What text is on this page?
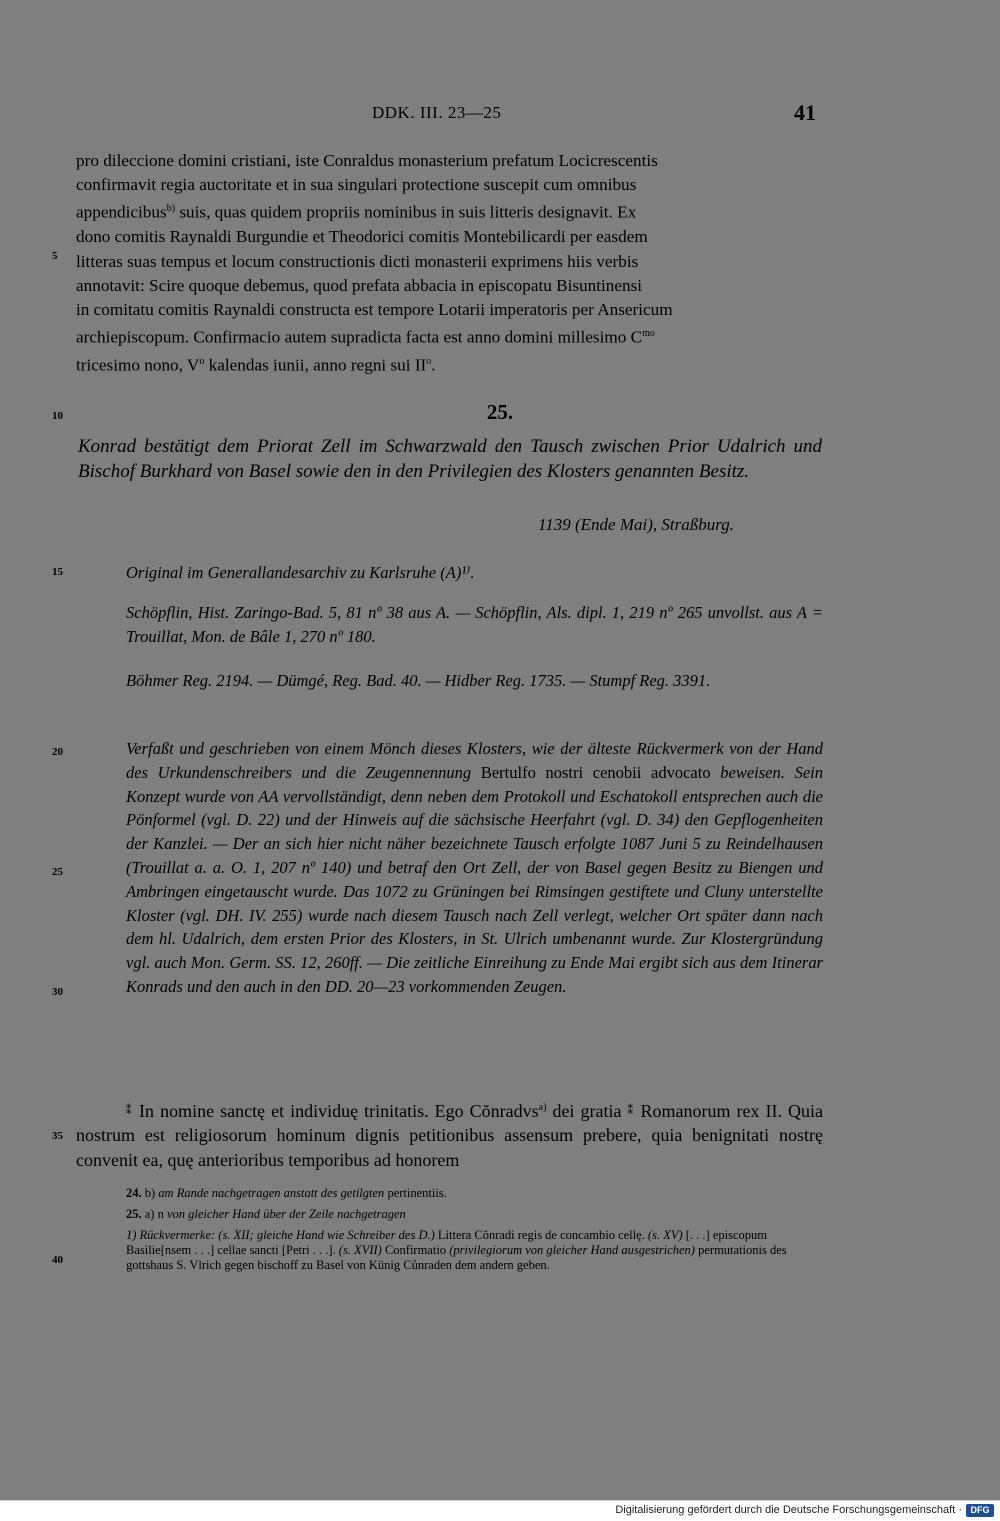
DDK. III. 23—25	41
5
10
15
20
25
30
35
40

pro dileccione domini cristiani, iste Conraldus monasterium prefatum Locicrescentis

confirmavit regia auctoritate et in sua singulari protectione suscepit cum omnibus

appendicibus$^{b)}$ suis, quas quidem propriis nominibus in suis litteris designavit. Ex

dono comitis Raynaldi Burgundie et Theodorici comitis Montebilicardi per easdem

litteras suas tempus et locum constructionis dicti monasterii exprimens hiis verbis

annotavit: Scire quoque debemus, quod prefata abbacia in episcopatu Bisuntinensi

in comitatu comitis Raynaldi constructa est tempore Lotarii imperatoris per Ansericum

archiepiscopum. Confirmacio autem supradicta facta est anno domini millesimo $C^{mo}$

tricesimo nono, $V^o$ kalendas iunii, anno regni sui $II^o$.

25.
Konrad bestätigt dem Priorat Zell im Schwarzwald den Tausch zwischen Prior Udalrich und Bischof Burkhard von Basel sowie den in den Privilegien des Klosters genannten Besitz.
1139 (Ende Mai), Straßburg.
Original im Generallandesarchiv zu Karlsruhe (A)¹⁾.
Schöpflin, Hist. Zaringo-Bad. 5, 81 nº 38 aus A. — Schöpflin, Als. dipl. 1, 219 nº 265 unvollst. aus A = Trouillat, Mon. de Bâle 1, 270 nº 180.
Böhmer Reg. 2194. — Dümgé, Reg. Bad. 40. — Hidber Reg. 1735. — Stumpf Reg. 3391.
Verfaßt und geschrieben von einem Mönch dieses Klosters, wie der älteste Rückvermerk von der Hand des Urkundenschreibers und die Zeugennennung Bertulfo nostri cenobii advocato beweisen. Sein Konzept wurde von AA vervollständigt, denn neben dem Protokoll und Eschatokoll entsprechen auch die Pönformel (vgl. D. 22) und der Hinweis auf die sächsische Heerfahrt (vgl. D. 34) den Gepflogenheiten der Kanzlei. — Der an sich hier nicht näher bezeichnete Tausch erfolgte 1087 Juni 5 zu Reindelhausen (Trouillat a. a. O. 1, 207 nº 140) und betraf den Ort Zell, der von Basel gegen Besitz zu Biengen und Ambringen eingetauscht wurde. Das 1072 zu Grüningen bei Rimsingen gestiftete und Cluny unterstellte Kloster (vgl. DH. IV. 255) wurde nach diesem Tausch nach Zell verlegt, welcher Ort später dann nach dem hl. Udalrich, dem ersten Prior des Klosters, in St. Ulrich umbenannt wurde. Zur Klostergründung vgl. auch Mon. Germ. SS. 12, 260ff. — Die zeitliche Einreihung zu Ende Mai ergibt sich aus dem Itinerar Konrads und den auch in den DD. 20—23 vorkommenden Zeugen.

⁑ In nomine sanctę et individuę trinitatis. Ego Cŏnradvs$^{a)}$ dei gratia ⁑ Romanorum rex II. Quia nostrum est religiosorum hominum dignis petitionibus assensum prebere, quia benignitati nostrę convenit ea, quę anterioribus temporibus ad honorem

24. b) am Rande nachgetragen anstatt des getilgten pertinentiis.
25. a) n von gleicher Hand über der Zeile nachgetragen
1) Rückvermerke: (s. XII; gleiche Hand wie Schreiber des D.) Littera Cŏnradi regis de concambio cellę. (s. XV) [. . .] episcopum Basilie[nsem . . .] cellae sancti [Petri . . .]. (s. XVII) Confirmatio (privilegiorum von gleicher Hand ausgestrichen) permutationis des gottshaus S. Vlrich gegen bischoff zu Basel von Künig Cůnraden dem andern geben.
Digitalisierung gefördert durch die Deutsche Forschungsgemeinschaft · DFG
